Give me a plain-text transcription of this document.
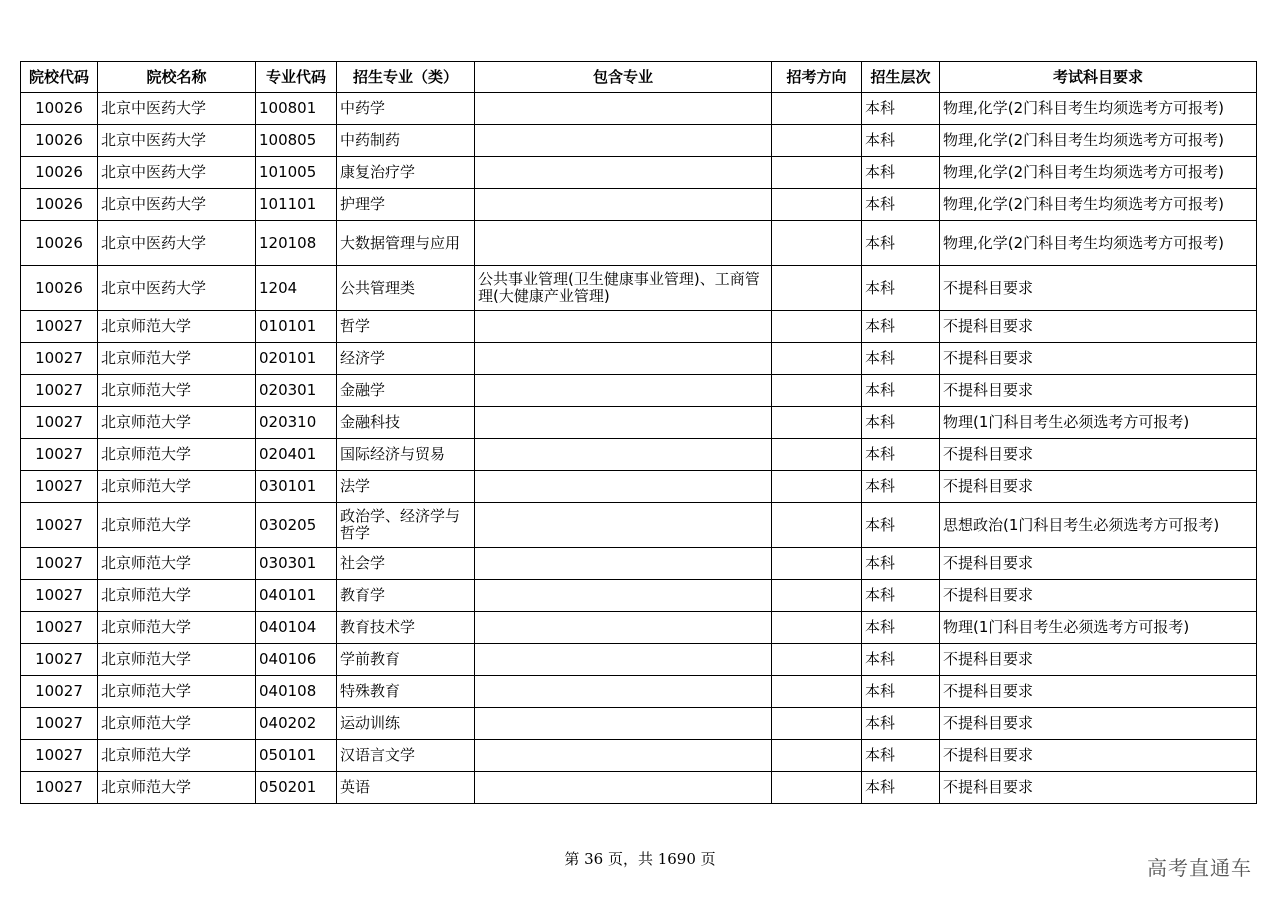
院校代码	院校名称	专业代码	招生专业（类）	包含专业	招考方向	招生层次	考试科目要求
10026	北京中医药大学	100801	中药学			本科	物理,化学(2门科目考生均须选考方可报考)
10026	北京中医药大学	100805	中药制药			本科	物理,化学(2门科目考生均须选考方可报考)
10026	北京中医药大学	101005	康复治疗学			本科	物理,化学(2门科目考生均须选考方可报考)
10026	北京中医药大学	101101	护理学			本科	物理,化学(2门科目考生均须选考方可报考)
10026	北京中医药大学	120108	大数据管理与应用			本科	物理,化学(2门科目考生均须选考方可报考)
10026	北京中医药大学	1204	公共管理类	公共事业管理(卫生健康事业管理)、工商管理(大健康产业管理)		本科	不提科目要求
10027	北京师范大学	010101	哲学			本科	不提科目要求
10027	北京师范大学	020101	经济学			本科	不提科目要求
10027	北京师范大学	020301	金融学			本科	不提科目要求
10027	北京师范大学	020310	金融科技			本科	物理(1门科目考生必须选考方可报考)
10027	北京师范大学	020401	国际经济与贸易			本科	不提科目要求
10027	北京师范大学	030101	法学			本科	不提科目要求
10027	北京师范大学	030205	政治学、经济学与哲学			本科	思想政治(1门科目考生必须选考方可报考)
10027	北京师范大学	030301	社会学			本科	不提科目要求
10027	北京师范大学	040101	教育学			本科	不提科目要求
10027	北京师范大学	040104	教育技术学			本科	物理(1门科目考生必须选考方可报考)
10027	北京师范大学	040106	学前教育			本科	不提科目要求
10027	北京师范大学	040108	特殊教育			本科	不提科目要求
10027	北京师范大学	040202	运动训练			本科	不提科目要求
10027	北京师范大学	050101	汉语言文学			本科	不提科目要求
10027	北京师范大学	050201	英语			本科	不提科目要求
第 36 页，共 1690 页	高考直通车
